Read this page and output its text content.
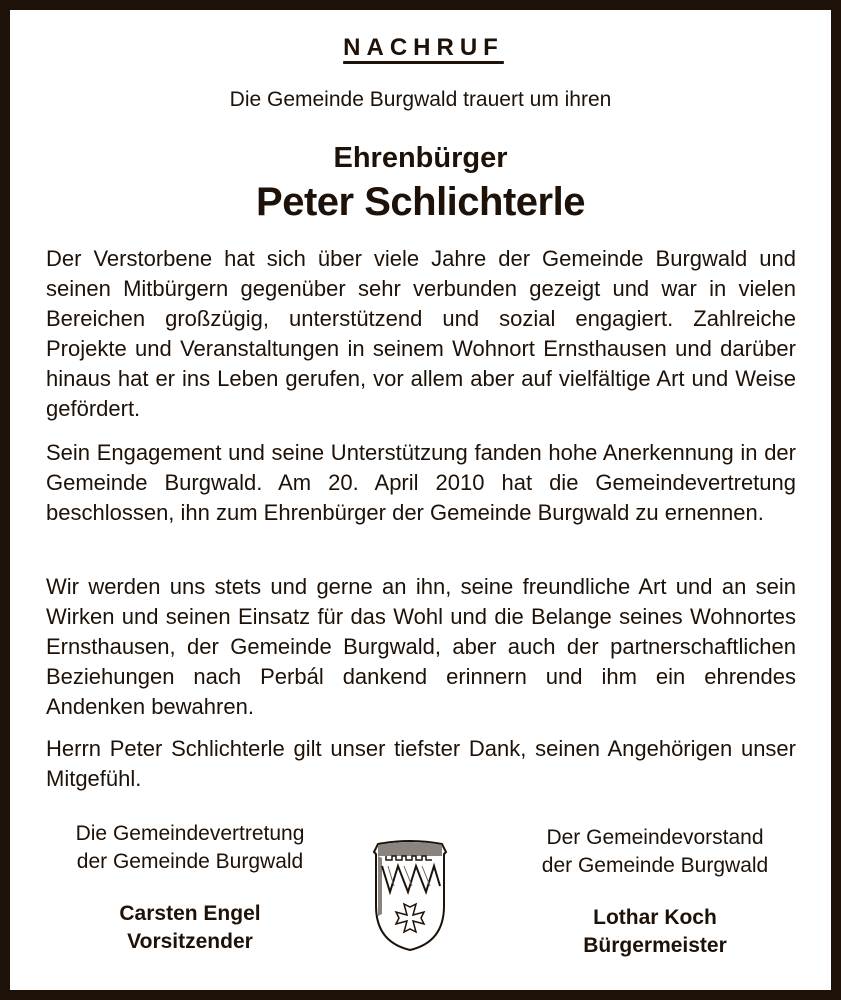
NACHRUF
Die Gemeinde Burgwald trauert um ihren
Ehrenbürger
Peter Schlichterle
Der Verstorbene hat sich über viele Jahre der Gemeinde Burgwald und seinen Mitbürgern gegenüber sehr verbunden gezeigt und war in vielen Bereichen großzügig, unterstützend und sozial engagiert. Zahlreiche Projekte und Veranstaltungen in seinem Wohnort Ernsthausen und darüber hinaus hat er ins Leben gerufen, vor allem aber auf vielfältige Art und Weise gefördert.
Sein Engagement und seine Unterstützung fanden hohe Anerkennung in der Gemeinde Burgwald. Am 20. April 2010 hat die Gemeindevertretung beschlossen, ihn zum Ehrenbürger der Gemeinde Burgwald zu ernennen.
Wir werden uns stets und gerne an ihn, seine freundliche Art und an sein Wirken und seinen Einsatz für das Wohl und die Belange seines Wohnortes Ernsthausen, der Gemeinde Burgwald, aber auch der partnerschaftlichen Beziehungen nach Perbál dankend erinnern und ihm ein ehrendes Andenken bewahren.
Herrn Peter Schlichterle gilt unser tiefster Dank, seinen Angehörigen unser Mitgefühl.
Die Gemeindevertretung
der Gemeinde Burgwald
Carsten Engel
Vorsitzender
Der Gemeindevorstand
der Gemeinde Burgwald
Lothar Koch
Bürgermeister
